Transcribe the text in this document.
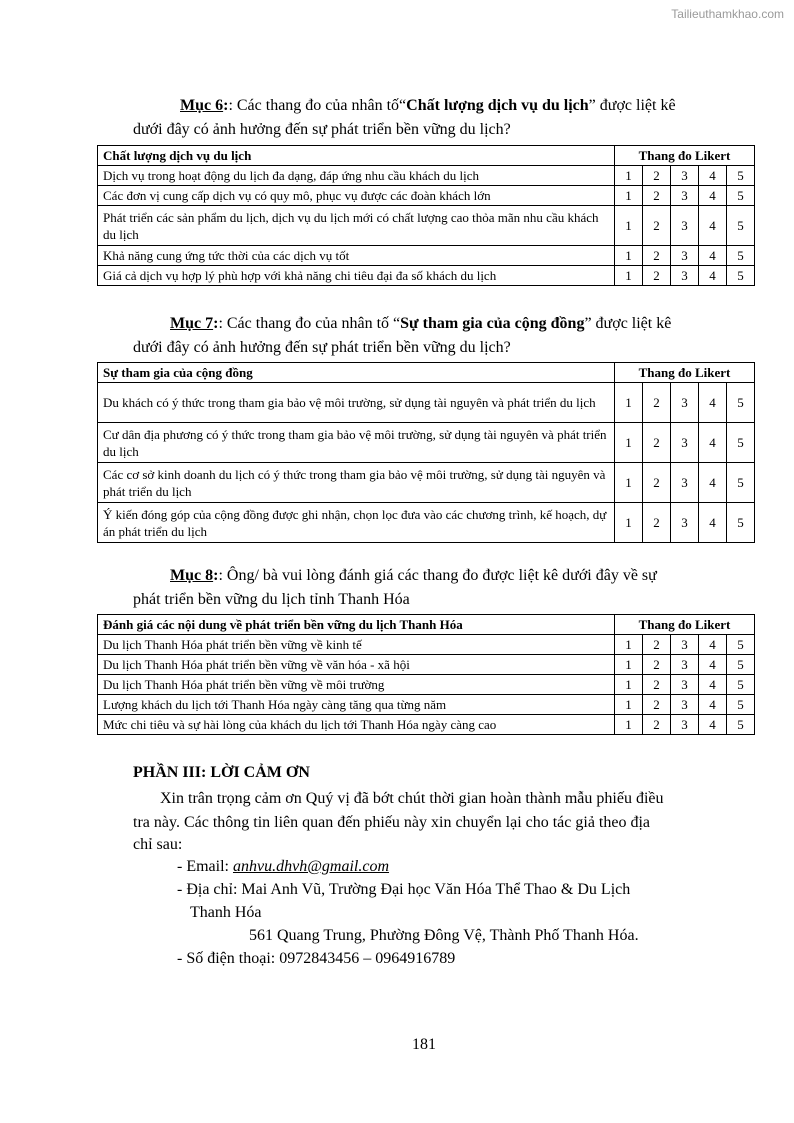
Tailieuthamkhao.com
Mục 6:: Các thang đo của nhân tố“Chất lượng dịch vụ du lịch” được liệt kê
dưới đây có ảnh hưởng đến sự phát triển bền vững du lịch?
Chất lượng dịch vụ du lịch	Thang đo Likert				
Dịch vụ trong hoạt động du lịch đa dạng, đáp ứng nhu cầu khách du lịch	1	2	3	4	5
Các đơn vị cung cấp dịch vụ có quy mô, phục vụ được các đoàn khách lớn	1	2	3	4	5
Phát triển các sản phẩm du lịch, dịch vụ du lịch mới có chất lượng cao thỏa mãn nhu cầu khách du lịch	1	2	3	4	5
Khả năng cung ứng tức thời của các dịch vụ tốt	1	2	3	4	5
Giá cả dịch vụ hợp lý phù hợp với khả năng chi tiêu đại đa số khách du lịch	1	2	3	4	5
Mục 7:: Các thang đo của nhân tố “Sự tham gia của cộng đồng” được liệt kê
dưới đây có ảnh hưởng đến sự phát triển bền vững du lịch?
Sự tham gia của cộng đồng	Thang đo Likert				
Du khách có ý thức trong tham gia bảo vệ môi trường, sử dụng tài nguyên và phát triển du lịch	1	2	3	4	5
Cư dân địa phương có ý thức trong tham gia bảo vệ môi trường, sử dụng tài nguyên và phát triển du lịch	1	2	3	4	5
Các cơ sở kinh doanh du lịch có ý thức trong tham gia bảo vệ môi trường, sử dụng tài nguyên và phát triển du lịch	1	2	3	4	5
Ý kiến đóng góp của cộng đồng được ghi nhận, chọn lọc đưa vào các chương trình, kế hoạch, dự án phát triển du lịch	1	2	3	4	5
Mục 8:: Ông/ bà vui lòng đánh giá các thang đo được liệt kê dưới đây về sự
phát triển bền vững du lịch tỉnh Thanh Hóa
Đánh giá các nội dung về phát triển bền vững du lịch Thanh Hóa	Thang đo Likert				
Du lịch Thanh Hóa phát triển bền vững về kinh tế	1	2	3	4	5
Du lịch Thanh Hóa phát triển bền vững về văn hóa - xã hội	1	2	3	4	5
Du lịch Thanh Hóa phát triển bền vững về môi trường	1	2	3	4	5
Lượng khách du lịch tới Thanh Hóa ngày càng tăng qua từng năm	1	2	3	4	5
Mức chi tiêu và sự hài lòng của khách du lịch tới Thanh Hóa ngày càng cao	1	2	3	4	5
PHẦN III: LỜI CẢM ƠN
Xin trân trọng cảm ơn Quý vị đã bớt chút thời gian hoàn thành mẫu phiếu điều
tra này. Các thông tin liên quan đến phiếu này xin chuyển lại cho tác giả theo địa
chỉ sau:
- Email: anhvu.dhvh@gmail.com
- Địa chỉ: Mai Anh Vũ, Trường Đại học Văn Hóa Thể Thao & Du Lịch
Thanh Hóa
561 Quang Trung, Phường Đông Vệ, Thành Phố Thanh Hóa.
- Số điện thoại: 0972843456 – 0964916789
181
